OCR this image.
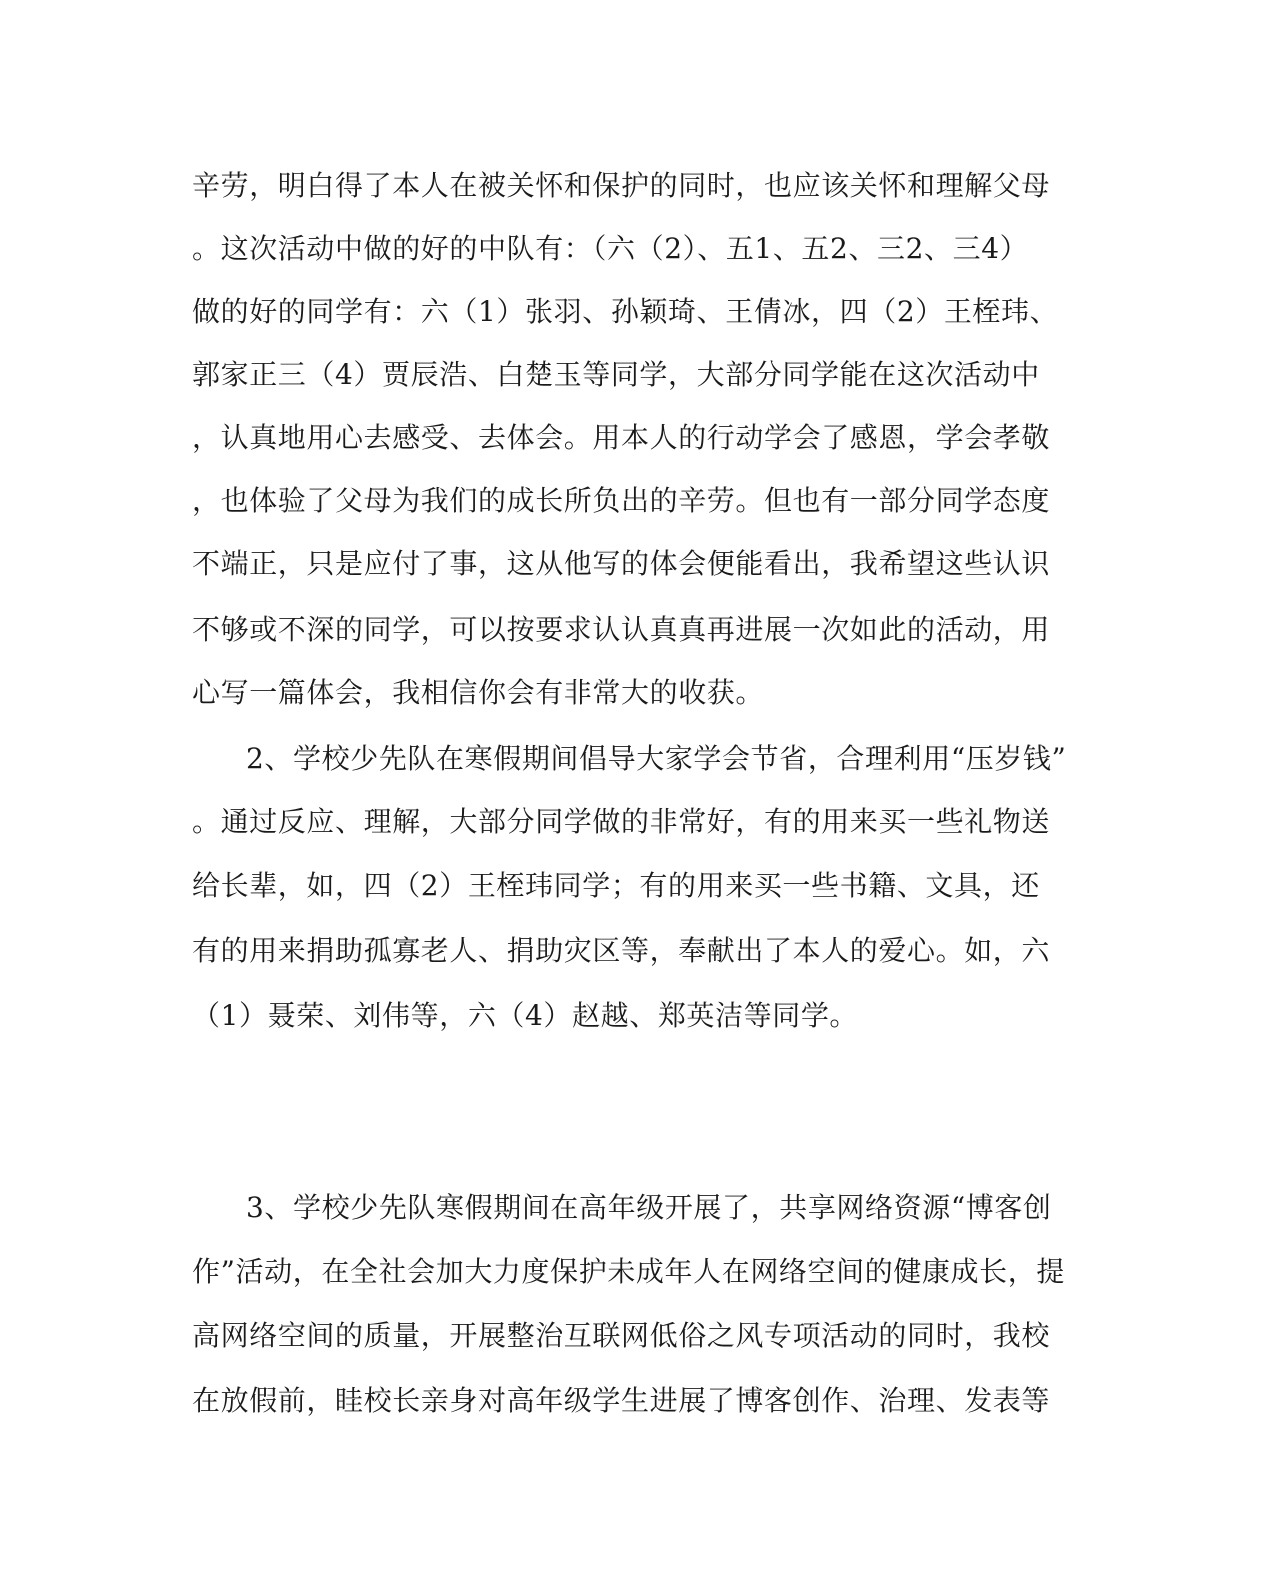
辛劳，明白得了本人在被关怀和保护的同时，也应该关怀和理解父母
。这次活动中做的好的中队有：（六（2）、五1、五2、三2、三4）
做的好的同学有：六（1）张羽、孙颖琦、王倩冰，四（2）王桎玮、
郭家正三（4）贾辰浩、白楚玉等同学，大部分同学能在这次活动中
，认真地用心去感受、去体会。用本人的行动学会了感恩，学会孝敬
，也体验了父母为我们的成长所负出的辛劳。但也有一部分同学态度
不端正，只是应付了事，这从他写的体会便能看出，我希望这些认识
不够或不深的同学，可以按要求认认真真再进展一次如此的活动，用
心写一篇体会，我相信你会有非常大的收获。
2、学校少先队在寒假期间倡导大家学会节省，合理利用“压岁钱”
。通过反应、理解，大部分同学做的非常好，有的用来买一些礼物送
给长辈，如，四（2）王桎玮同学；有的用来买一些书籍、文具，还
有的用来捐助孤寡老人、捐助灾区等，奉献出了本人的爱心。如，六
（1）聂荣、刘伟等，六（4）赵越、郑英洁等同学。
3、学校少先队寒假期间在高年级开展了，共享网络资源“博客创
作”活动，在全社会加大力度保护未成年人在网络空间的健康成长，提
高网络空间的质量，开展整治互联网低俗之风专项活动的同时，我校
在放假前，眭校长亲身对高年级学生进展了博客创作、治理、发表等
